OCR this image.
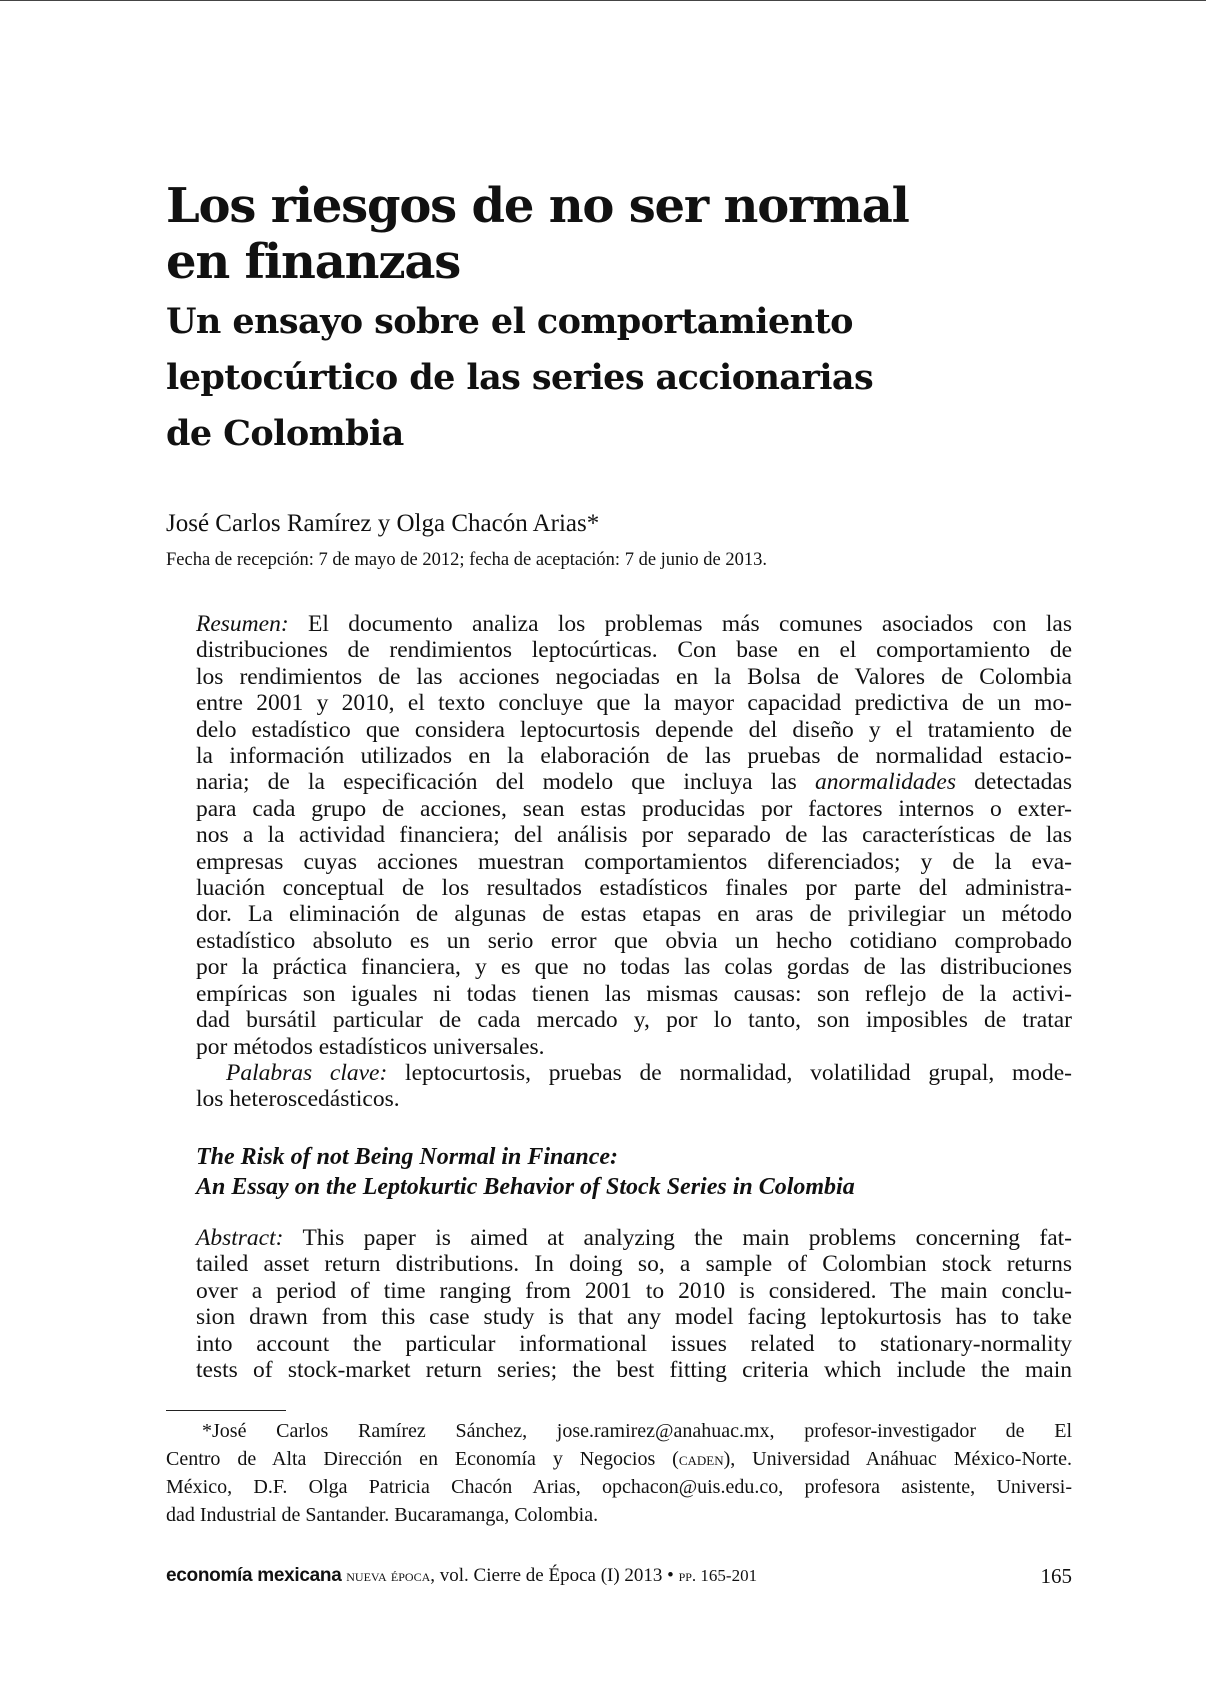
Los riesgos de no ser normal
en finanzas
Un ensayo sobre el comportamiento
leptocúrtico de las series accionarias
de Colombia

José Carlos Ramírez y Olga Chacón Arias*

Fecha de recepción: 7 de mayo de 2012; fecha de aceptación: 7 de junio de 2013.

Resumen: El documento analiza los problemas más comunes asociados con las
distribuciones de rendimientos leptocúrticas. Con base en el comportamiento de
los rendimientos de las acciones negociadas en la Bolsa de Valores de Colombia
entre 2001 y 2010, el texto concluye que la mayor capacidad predictiva de un mo-
delo estadístico que considera leptocurtosis depende del diseño y el tratamiento de
la información utilizados en la elaboración de las pruebas de normalidad estacio-
naria; de la especificación del modelo que incluya las anormalidades detectadas
para cada grupo de acciones, sean estas producidas por factores internos o exter-
nos a la actividad financiera; del análisis por separado de las características de las
empresas cuyas acciones muestran comportamientos diferenciados; y de la eva-
luación conceptual de los resultados estadísticos finales por parte del administra-
dor. La eliminación de algunas de estas etapas en aras de privilegiar un método
estadístico absoluto es un serio error que obvia un hecho cotidiano comprobado
por la práctica financiera, y es que no todas las colas gordas de las distribuciones
empíricas son iguales ni todas tienen las mismas causas: son reflejo de la activi-
dad bursátil particular de cada mercado y, por lo tanto, son imposibles de tratar
por métodos estadísticos universales.

Palabras clave: leptocurtosis, pruebas de normalidad, volatilidad grupal, mode-
los heteroscedásticos.

The Risk of not Being Normal in Finance:
An Essay on the Leptokurtic Behavior of Stock Series in Colombia

Abstract: This paper is aimed at analyzing the main problems concerning fat-
tailed asset return distributions. In doing so, a sample of Colombian stock returns
over a period of time ranging from 2001 to 2010 is considered. The main conclu-
sion drawn from this case study is that any model facing leptokurtosis has to take
into account the particular informational issues related to stationary-normality
tests of stock-market return series; the best fitting criteria which include the main

*José Carlos Ramírez Sánchez, jose.ramirez@anahuac.mx, profesor-investigador de El
Centro de Alta Dirección en Economía y Negocios (caden), Universidad Anáhuac México-Norte.
México, D.F. Olga Patricia Chacón Arias, opchacon@uis.edu.co, profesora asistente, Universi-
dad Industrial de Santander. Bucaramanga, Colombia.
economía mexicana nueva época, vol. Cierre de Época (I) 2013 • pp. 165-201	165
